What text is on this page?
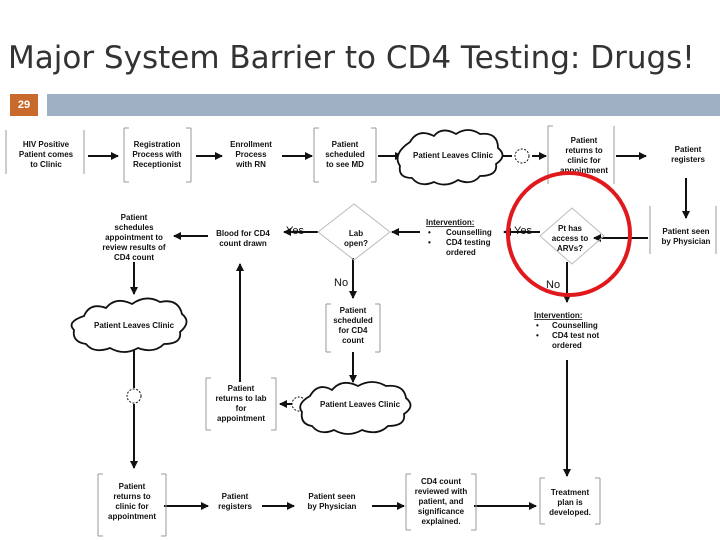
Major System Barrier to CD4 Testing: Drugs!
29
HIV Positive Patient comes to Clinic
Registration Process with Receptionist
Enrollment Process with RN
Patient scheduled to see MD
Patient Leaves Clinic
Patient returns to clinic for appointment
Patient registers
Patient schedules appointment to review results of CD4 count
Blood for CD4 count drawn
Lab open?
Intervention: • Counselling • CD4 testing ordered
Pt has access to ARVs?
Patient seen by Physician
Patient Leaves Clinic
Patient scheduled for CD4 count
Intervention: • Counselling • CD4 test not ordered
Patient returns to lab for appointment
Patient Leaves Clinic
Patient returns to clinic for appointment
Patient registers
Patient seen by Physician
CD4 count reviewed with patient, and significance explained.
Treatment plan is developed.
Yes
No
Yes
No
